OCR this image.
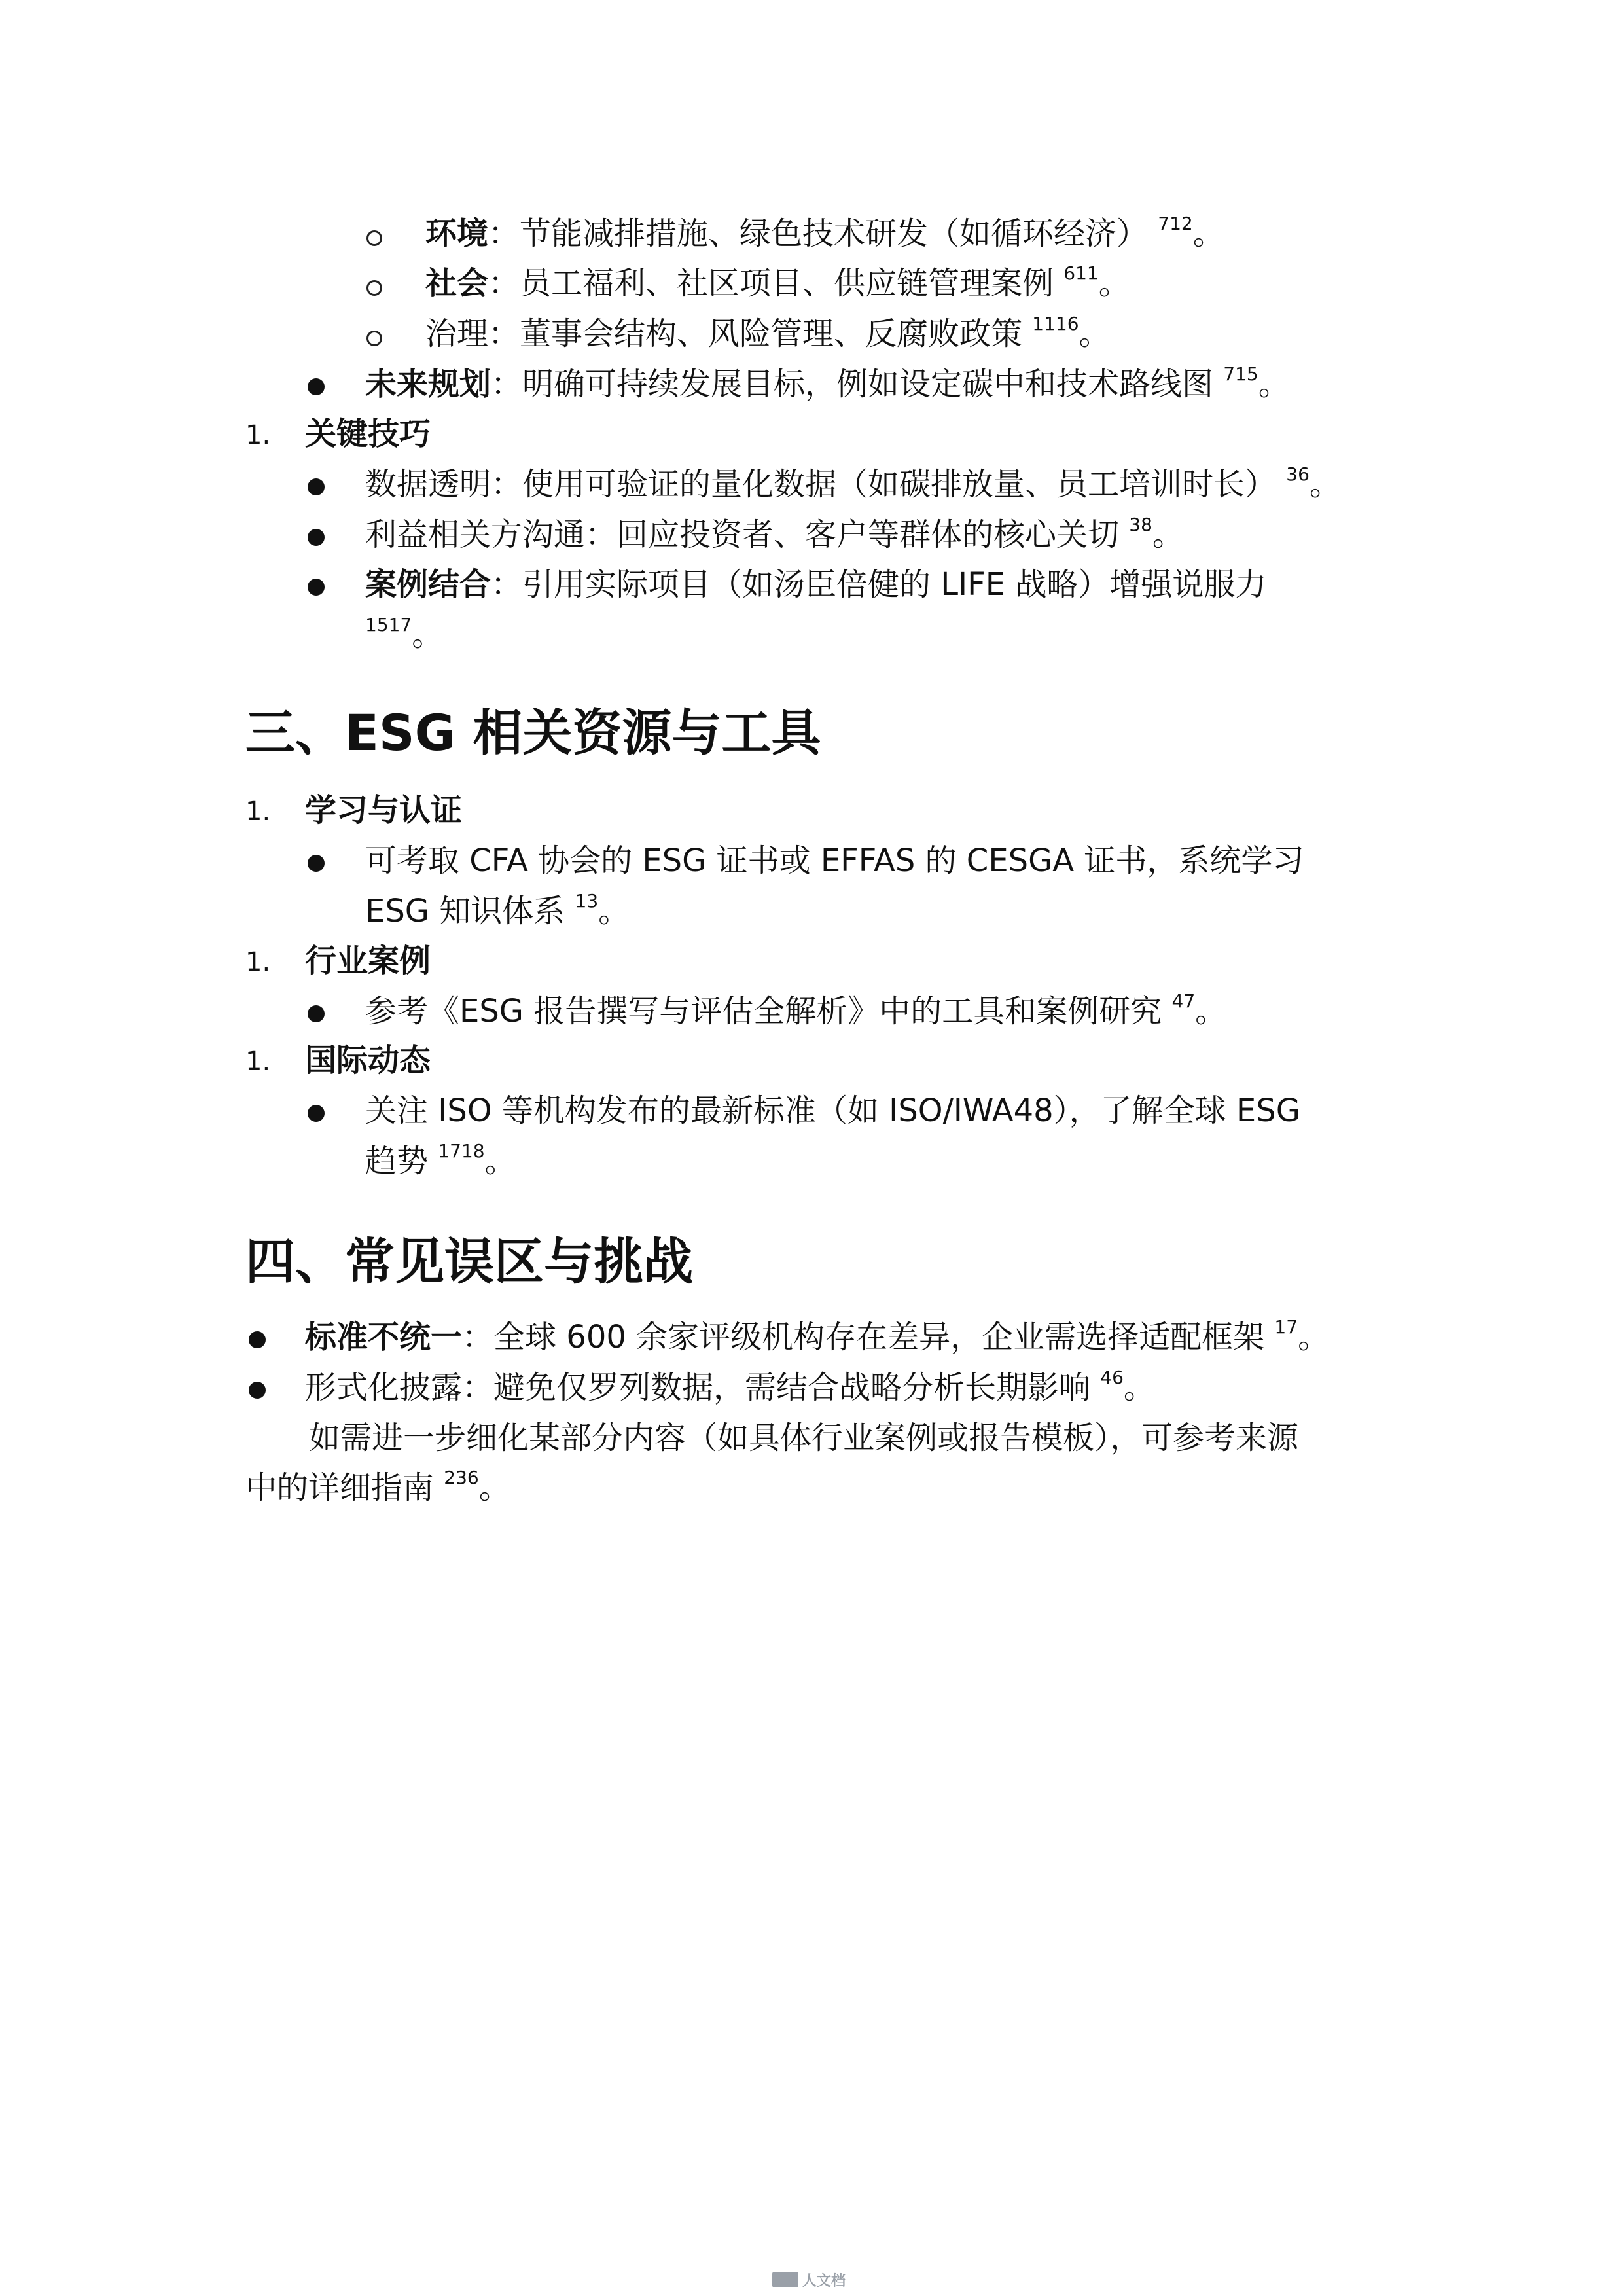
环境：节能减排措施、绿色技术研发（如循环经济） $^{712}$。
社会：员工福利、社区项目、供应链管理案例 $^{611}$。
治理：董事会结构、风险管理、反腐败政策 $^{1116}$。
未来规划：明确可持续发展目标，例如设定碳中和技术路线图 $^{715}$。
1. 关键技巧
数据透明：使用可验证的量化数据（如碳排放量、员工培训时长） $^{36}$。
利益相关方沟通：回应投资者、客户等群体的核心关切 $^{38}$。
案例结合：引用实际项目（如汤臣倍健的 LIFE 战略）增强说服力
$^{1517}$。
三、ESG 相关资源与工具
1. 学习与认证
可考取 CFA 协会的 ESG 证书或 EFFAS 的 CESGA 证书，系统学习
ESG 知识体系 $^{13}$。
1. 行业案例
参考《ESG 报告撰写与评估全解析》中的工具和案例研究 $^{47}$。
1. 国际动态
关注 ISO 等机构发布的最新标准（如 ISO/IWA48），了解全球 ESG
趋势 $^{1718}$。
四、常见误区与挑战
标准不统一：全球 600 余家评级机构存在差异，企业需选择适配框架 $^{17}$。
形式化披露：避免仅罗列数据，需结合战略分析长期影响 $^{46}$。
如需进一步细化某部分内容（如具体行业案例或报告模板），可参考来源
中的详细指南 $^{236}$。
人文档
